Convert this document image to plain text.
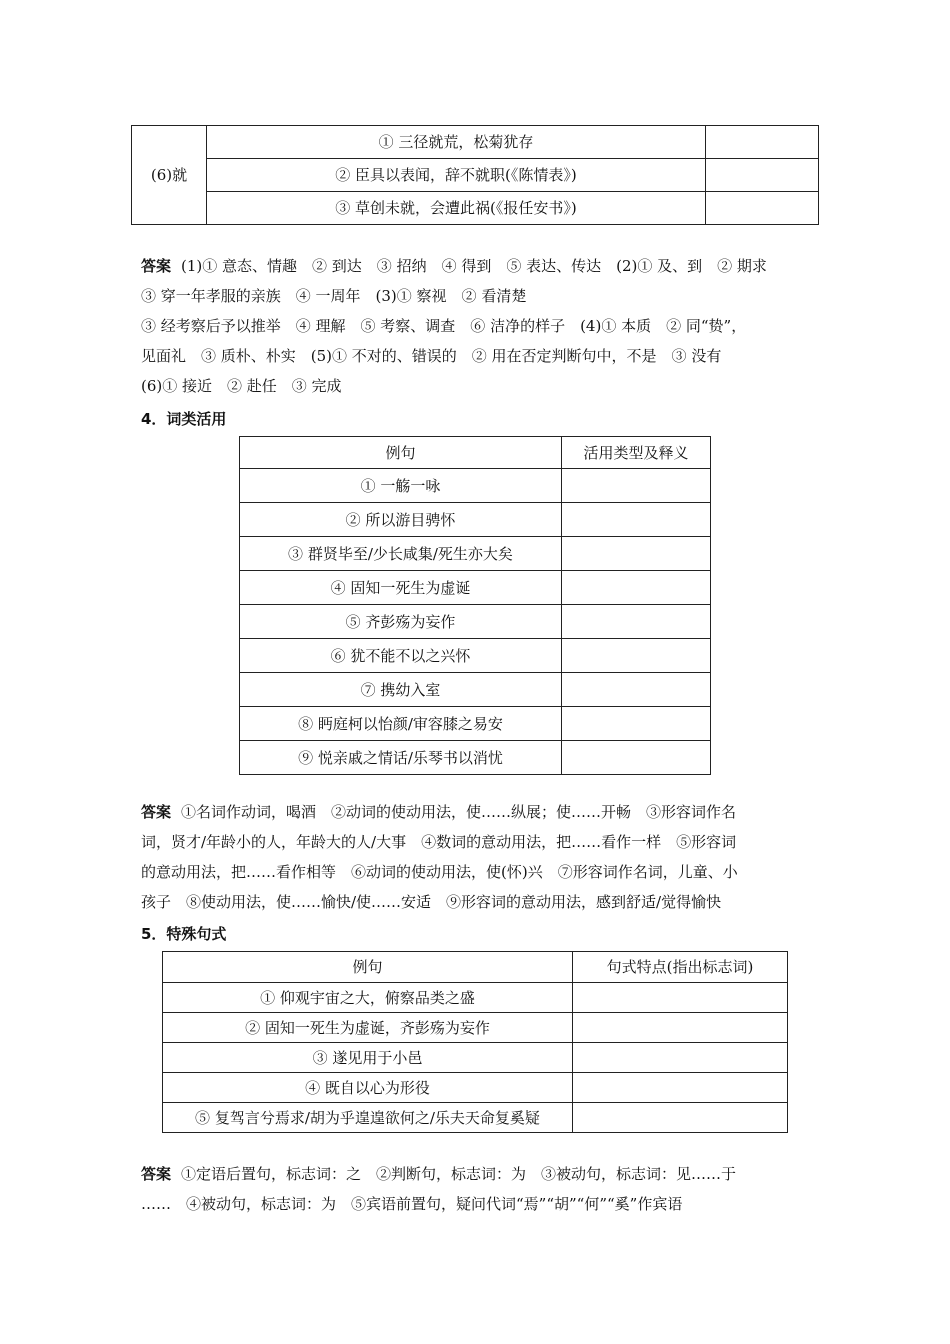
(6)就	① 三径就荒，松菊犹存	
	② 臣具以表闻，辞不就职(《陈情表》)	
	③ 草创未就，会遭此祸(《报任安书》)	
答案 (1)① 意态、情趣　② 到达　③ 招纳　④ 得到　⑤ 表达、传达　(2)① 及、到　② 期求
③ 穿一年孝服的亲族　④ 一周年　(3)① 察视　② 看清楚
③ 经考察后予以推举　④ 理解　⑤ 考察、调查　⑥ 洁净的样子　(4)① 本质　② 同“贽”，
见面礼　③ 质朴、朴实　(5)① 不对的、错误的　② 用在否定判断句中，不是　③ 没有
(6)① 接近　② 赴任　③ 完成
4．词类活用
例句	活用类型及释义
① 一觞一咏	
② 所以游目骋怀	
③ 群贤毕至/少长咸集/死生亦大矣	
④ 固知一死生为虚诞	
⑤ 齐彭殇为妄作	
⑥ 犹不能不以之兴怀	
⑦ 携幼入室	
⑧ 眄庭柯以怡颜/审容膝之易安	
⑨ 悦亲戚之情话/乐琴书以消忧	
答案 ①名词作动词，喝酒　②动词的使动用法，使……纵展；使……开畅　③形容词作名
词，贤才/年龄小的人，年龄大的人/大事　④数词的意动用法，把……看作一样　⑤形容词
的意动用法，把……看作相等　⑥动词的使动用法，使(怀)兴　⑦形容词作名词，儿童、小
孩子　⑧使动用法，使……愉快/使……安适　⑨形容词的意动用法，感到舒适/觉得愉快
5．特殊句式
例句	句式特点(指出标志词)
① 仰观宇宙之大，俯察品类之盛	
② 固知一死生为虚诞，齐彭殇为妄作	
③ 遂见用于小邑	
④ 既自以心为形役	
⑤ 复驾言兮焉求/胡为乎遑遑欲何之/乐夫天命复奚疑	
答案 ①定语后置句，标志词：之　②判断句，标志词：为　③被动句，标志词：见……于
……　④被动句，标志词：为　⑤宾语前置句，疑问代词“焉”“胡”“何”“奚”作宾语
